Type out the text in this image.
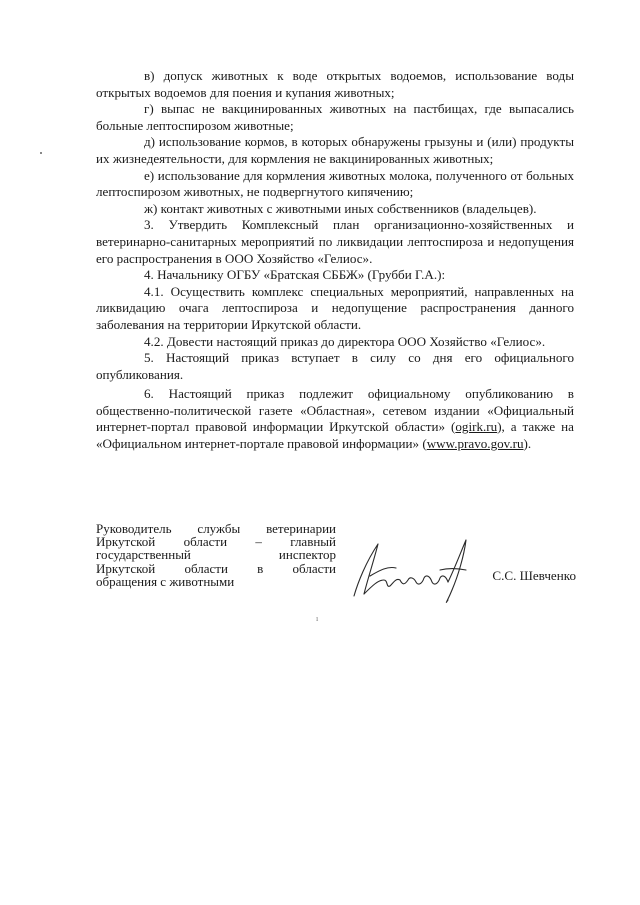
в) допуск животных к воде открытых водоемов, использование воды открытых водоемов для поения и купания животных;

г) выпас не вакцинированных животных на пастбищах, где выпасались больные лептоспирозом животные;

д) использование кормов, в которых обнаружены грызуны и (или) продукты их жизнедеятельности, для кормления не вакцинированных животных;

е) использование для кормления животных молока, полученного от больных лептоспирозом животных, не подвергнутого кипячению;

ж) контакт животных с животными иных собственников (владельцев).

3. Утвердить Комплексный план организационно-хозяйственных и ветеринарно-санитарных мероприятий по ликвидации лептоспироза и недопущения его распространения в ООО Хозяйство «Гелиос».

4. Начальнику ОГБУ «Братская СББЖ» (Грубби Г.А.):

4.1. Осуществить комплекс специальных мероприятий, направленных на ликвидацию очага лептоспироза и недопущение распространения данного заболевания на территории Иркутской области.

4.2. Довести настоящий приказ до директора ООО Хозяйство «Гелиос».

5. Настоящий приказ вступает в силу со дня его официального опубликования.

6. Настоящий приказ подлежит официальному опубликованию в общественно-политической газете «Областная», сетевом издании «Официальный интернет-портал правовой информации Иркутской области» (ogirk.ru), а также на «Официальном интернет-портале правовой информации» (www.pravo.gov.ru).

Руководитель службы ветеринарии
Иркутской области – главный
государственный инспектор
Иркутской области в области
обращения с животными	С.С. Шевченко
ı
